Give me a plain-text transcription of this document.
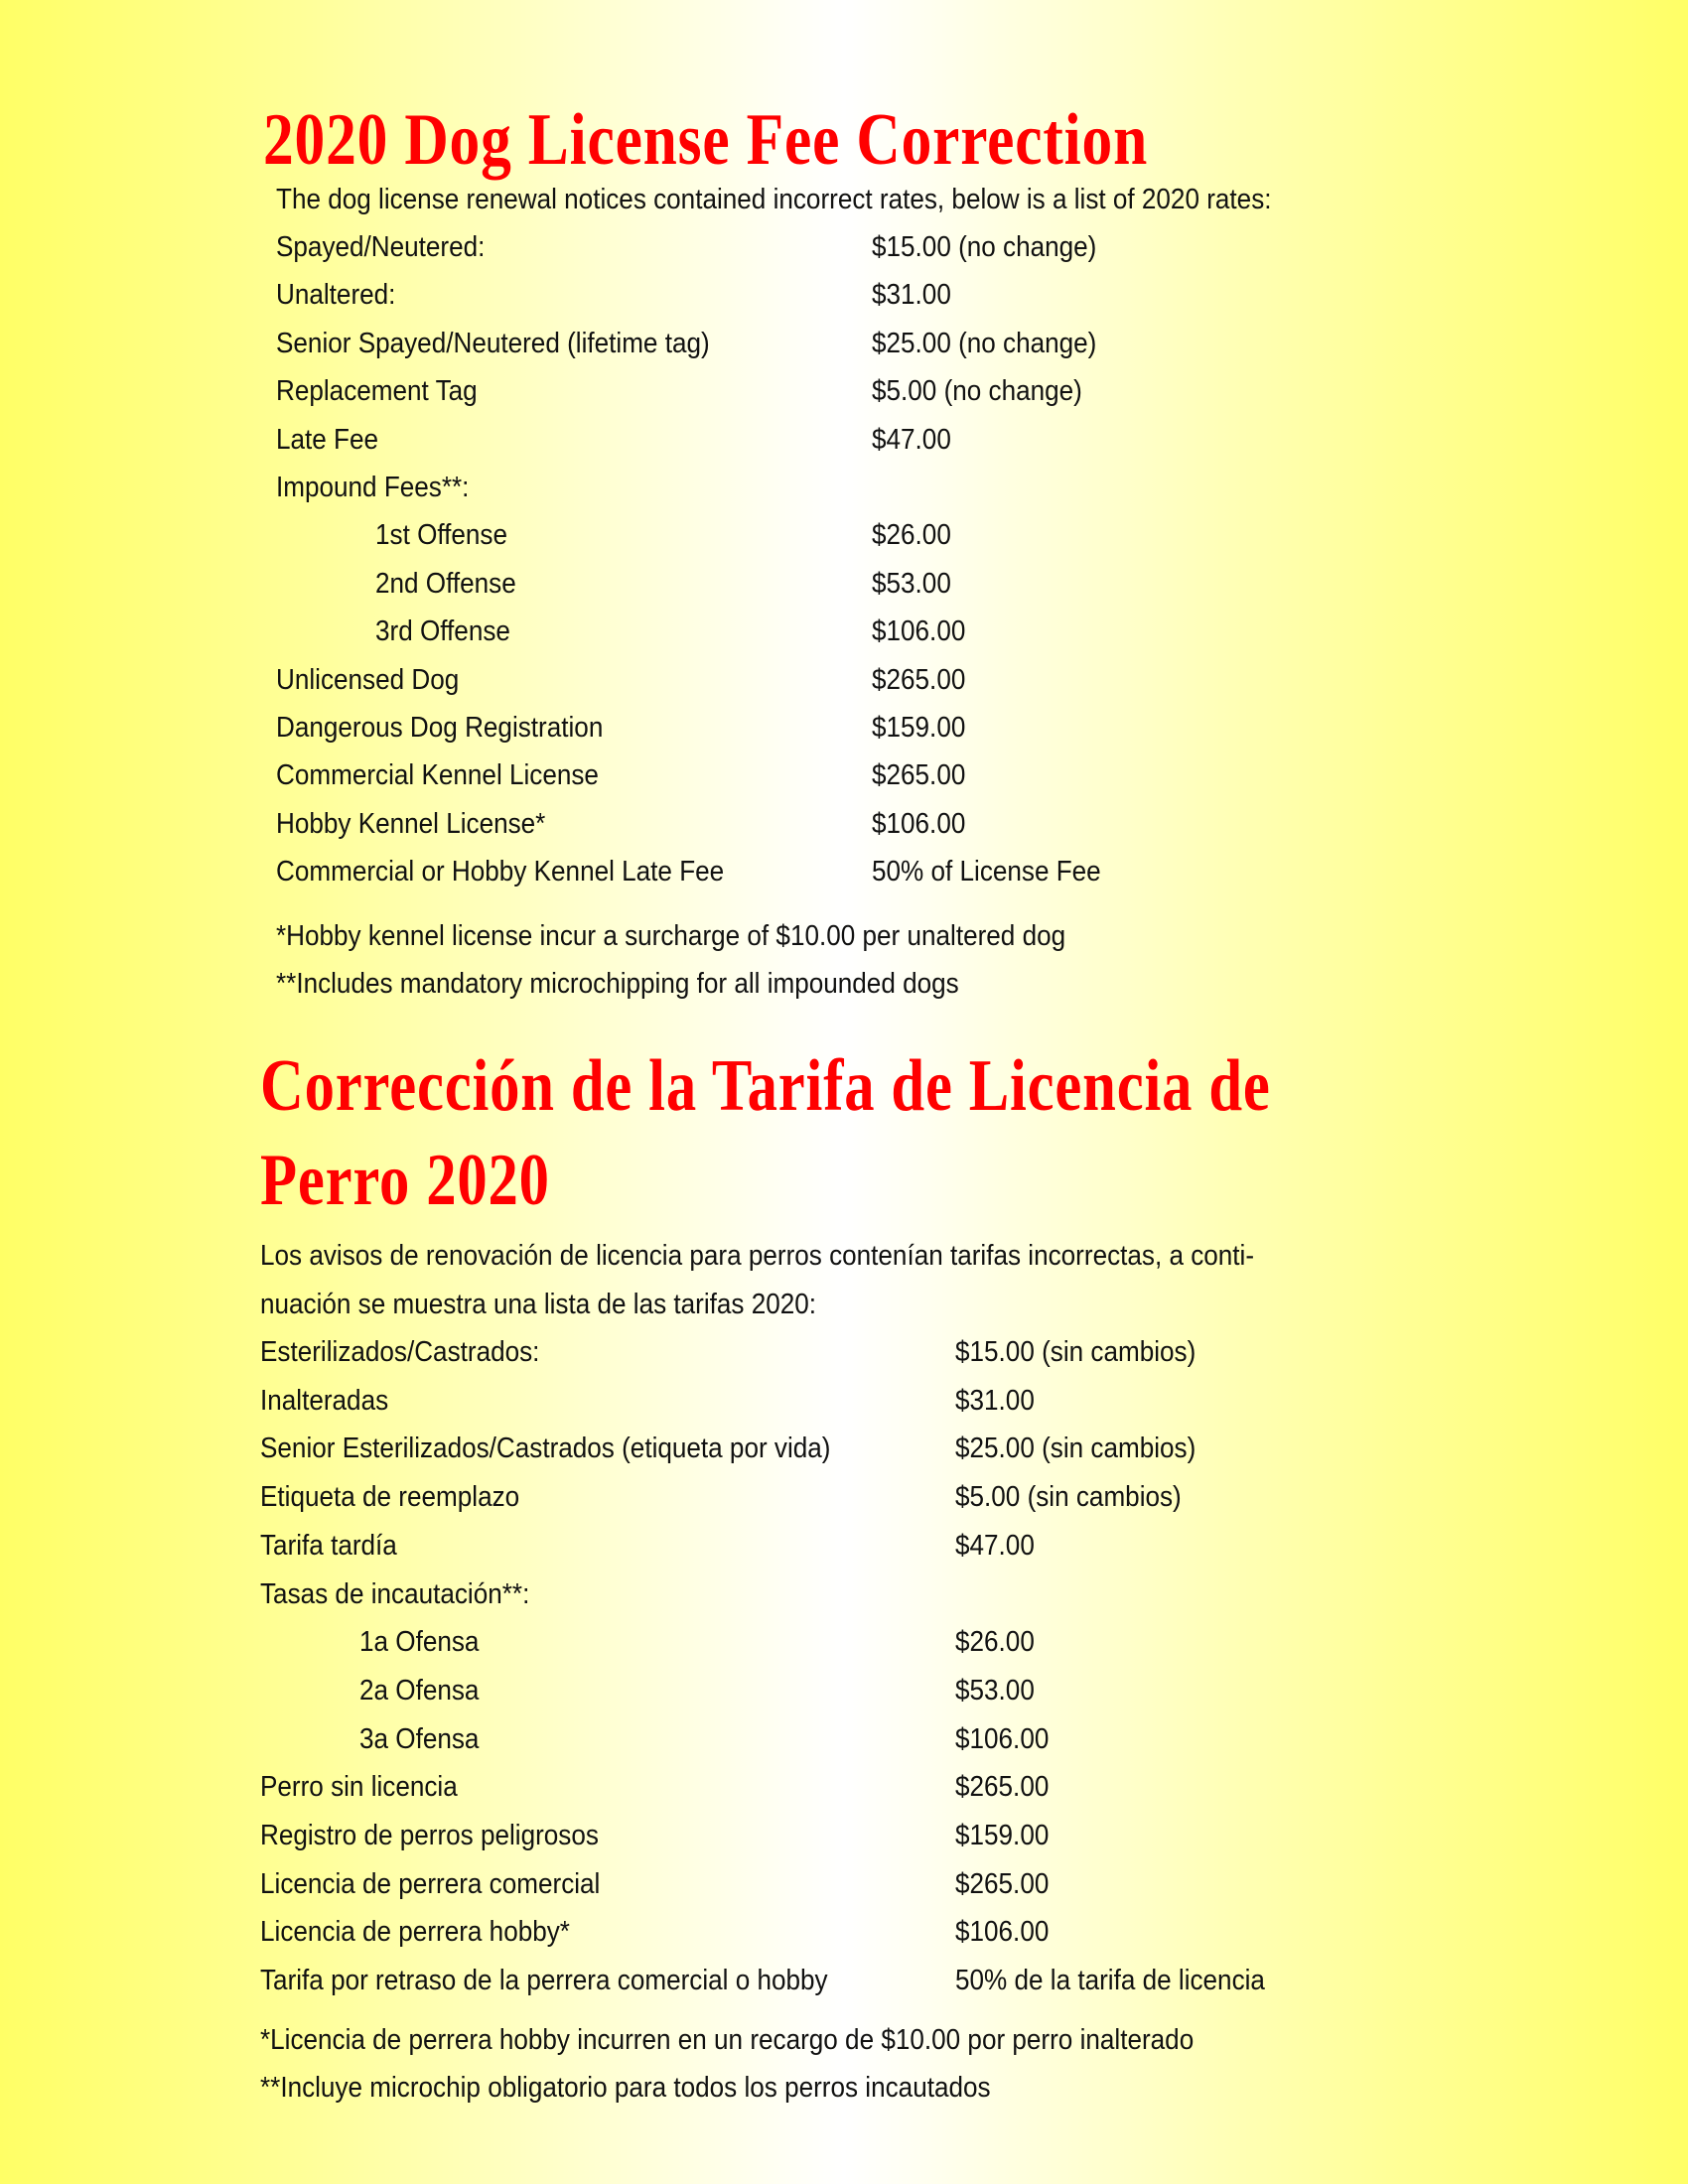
2020 Dog License Fee Correction

The dog license renewal notices contained incorrect rates, below is a list of 2020 rates:

Spayed/Neutered:	$15.00 (no change)
Unaltered:	$31.00
Senior Spayed/Neutered (lifetime tag)	$25.00 (no change)
Replacement Tag	$5.00 (no change)
Late Fee	$47.00
Impound Fees**:
1st Offense	$26.00
2nd Offense	$53.00
3rd Offense	$106.00
Unlicensed Dog	$265.00
Dangerous Dog Registration	$159.00
Commercial Kennel License	$265.00
Hobby Kennel License*	$106.00
Commercial or Hobby Kennel Late Fee	50% of License Fee

*Hobby kennel license incur a surcharge of $10.00 per unaltered dog

**Includes mandatory microchipping for all impounded dogs

Corrección de la Tarifa de Licencia de
Perro 2020

Los avisos de renovación de licencia para perros contenían tarifas incorrectas, a conti-

nuación se muestra una lista de las tarifas 2020:

Esterilizados/Castrados:	$15.00 (sin cambios)
Inalteradas	$31.00
Senior Esterilizados/Castrados (etiqueta por vida)	$25.00 (sin cambios)
Etiqueta de reemplazo	$5.00 (sin cambios)
Tarifa tardía	$47.00
Tasas de incautación**:
1a Ofensa	$26.00
2a Ofensa	$53.00
3a Ofensa	$106.00
Perro sin licencia	$265.00
Registro de perros peligrosos	$159.00
Licencia de perrera comercial	$265.00
Licencia de perrera hobby*	$106.00
Tarifa por retraso de la perrera comercial o hobby	50% de la tarifa de licencia

*Licencia de perrera hobby incurren en un recargo de $10.00 por perro inalterado

**Incluye microchip obligatorio para todos los perros incautados
